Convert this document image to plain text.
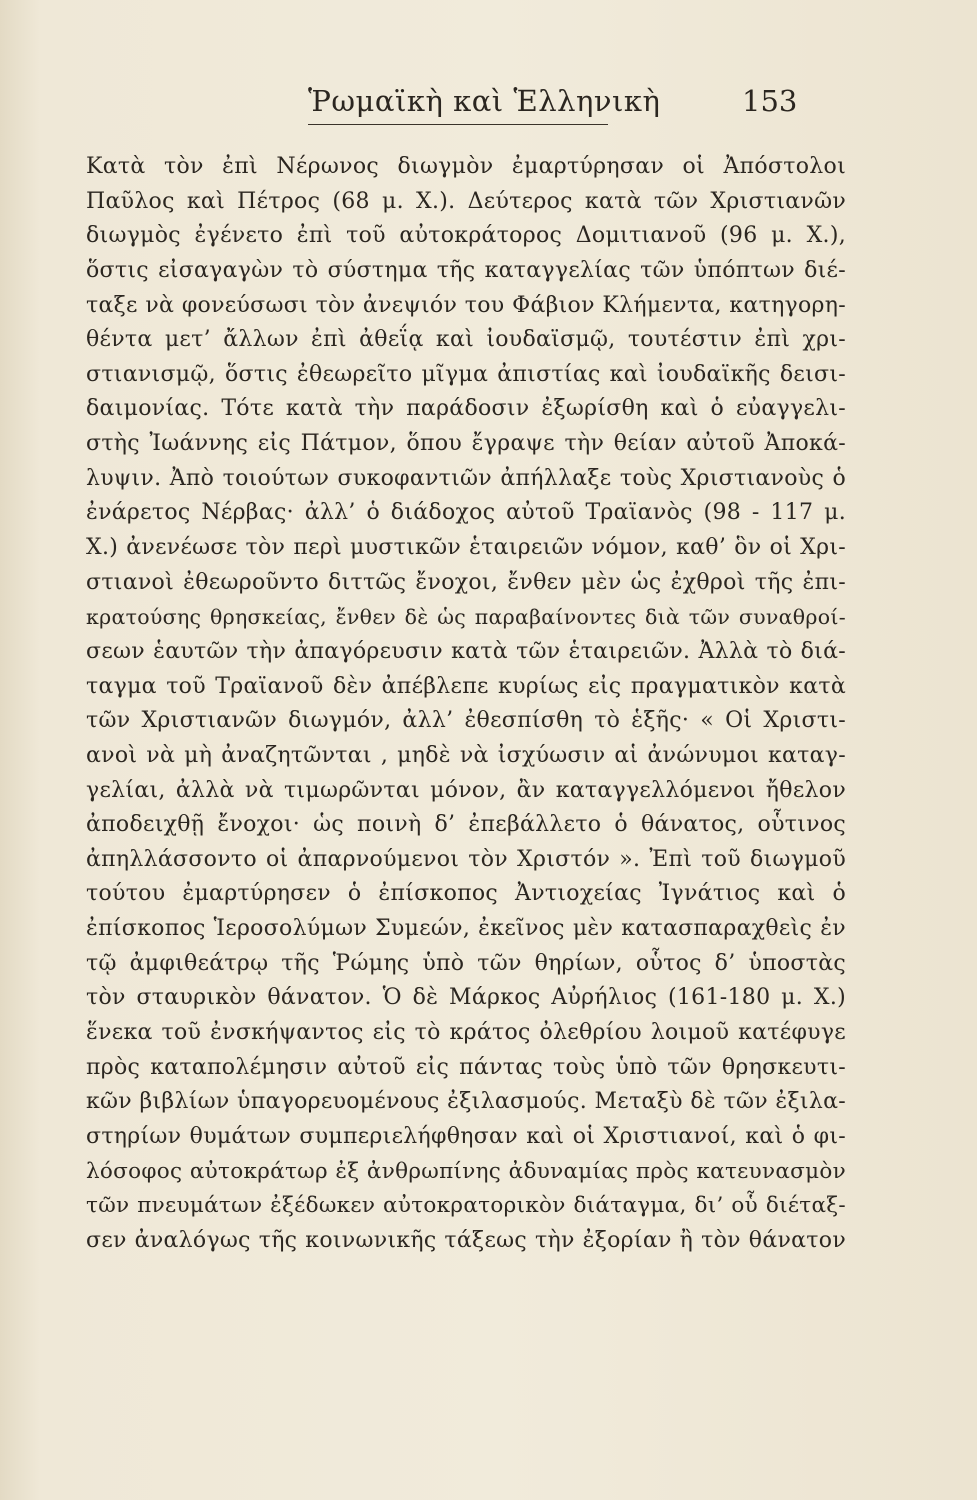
Ῥωμαϊκὴ καὶ Ἑλληνικὴ	153
Κατὰ τὸν ἐπὶ Νέρωνος διωγμὸν ἐμαρτύρησαν οἱ Ἀπόστολοι
Παῦλος καὶ Πέτρος (68 μ. Χ.). Δεύτερος κατὰ τῶν Χριστιανῶν
διωγμὸς ἐγένετο ἐπὶ τοῦ αὐτοκράτορος Δομιτιανοῦ (96 μ. Χ.),
ὅστις εἰσαγαγὼν τὸ σύστημα τῆς καταγγελίας τῶν ὑπόπτων διέ-
ταξε νὰ φονεύσωσι τὸν ἀνεψιόν του Φάβιον Κλήμεντα, κατηγορη-
θέντα μετ’ ἄλλων ἐπὶ ἀθεΐᾳ καὶ ἰουδαϊσμῷ, τουτέστιν ἐπὶ χρι-
στιανισμῷ, ὅστις ἐθεωρεῖτο μῖγμα ἀπιστίας καὶ ἰουδαϊκῆς δεισι-
δαιμονίας. Τότε κατὰ τὴν παράδοσιν ἐξωρίσθη καὶ ὁ εὐαγγελι-
στὴς Ἰωάννης εἰς Πάτμον, ὅπου ἔγραψε τὴν θείαν αὐτοῦ Ἀποκά-
λυψιν. Ἀπὸ τοιούτων συκοφαντιῶν ἀπήλλαξε τοὺς Χριστιανοὺς ὁ
ἐνάρετος Νέρβας· ἀλλ’ ὁ διάδοχος αὐτοῦ Τραϊανὸς (98 - 117 μ.
Χ.) ἀνενέωσε τὸν περὶ μυστικῶν ἑταιρειῶν νόμον, καθ’ ὃν οἱ Χρι-
στιανοὶ ἐθεωροῦντο διττῶς ἔνοχοι, ἔνθεν μὲν ὡς ἐχθροὶ τῆς ἐπι-
κρατούσης θρησκείας, ἔνθεν δὲ ὡς παραβαίνοντες διὰ τῶν συναθροί-
σεων ἑαυτῶν τὴν ἀπαγόρευσιν κατὰ τῶν ἑταιρειῶν. Ἀλλὰ τὸ διά-
ταγμα τοῦ Τραϊανοῦ δὲν ἀπέβλεπε κυρίως εἰς πραγματικὸν κατὰ
τῶν Χριστιανῶν διωγμόν, ἀλλ’ ἐθεσπίσθη τὸ ἑξῆς· « Οἱ Χριστι-
ανοὶ νὰ μὴ ἀναζητῶνται , μηδὲ νὰ ἰσχύωσιν αἱ ἀνώνυμοι καταγ-
γελίαι, ἀλλὰ νὰ τιμωρῶνται μόνον, ἂν καταγγελλόμενοι ἤθελον
ἀποδειχθῇ ἔνοχοι· ὡς ποινὴ δ’ ἐπεβάλλετο ὁ θάνατος, οὗτινος
ἀπηλλάσσοντο οἱ ἀπαρνούμενοι τὸν Χριστόν ». Ἐπὶ τοῦ διωγμοῦ
τούτου ἐμαρτύρησεν ὁ ἐπίσκοπος Ἀντιοχείας Ἰγνάτιος καὶ ὁ
ἐπίσκοπος Ἱεροσολύμων Συμεών, ἐκεῖνος μὲν κατασπαραχθεὶς ἐν
τῷ ἀμφιθεάτρῳ τῆς Ῥώμης ὑπὸ τῶν θηρίων, οὗτος δ’ ὑποστὰς
τὸν σταυρικὸν θάνατον. Ὁ δὲ Μάρκος Αὐρήλιος (161-180 μ. Χ.)
ἕνεκα τοῦ ἐνσκήψαντος εἰς τὸ κράτος ὀλεθρίου λοιμοῦ κατέφυγε
πρὸς καταπολέμησιν αὐτοῦ εἰς πάντας τοὺς ὑπὸ τῶν θρησκευτι-
κῶν βιβλίων ὑπαγορευομένους ἐξιλασμούς. Μεταξὺ δὲ τῶν ἐξιλα-
στηρίων θυμάτων συμπεριελήφθησαν καὶ οἱ Χριστιανοί, καὶ ὁ φι-
λόσοφος αὐτοκράτωρ ἐξ ἀνθρωπίνης ἀδυναμίας πρὸς κατευνασμὸν
τῶν πνευμάτων ἐξέδωκεν αὐτοκρατορικὸν διάταγμα, δι’ οὗ διέταξ-
σεν ἀναλόγως τῆς κοινωνικῆς τάξεως τὴν ἐξορίαν ἢ τὸν θάνατον
